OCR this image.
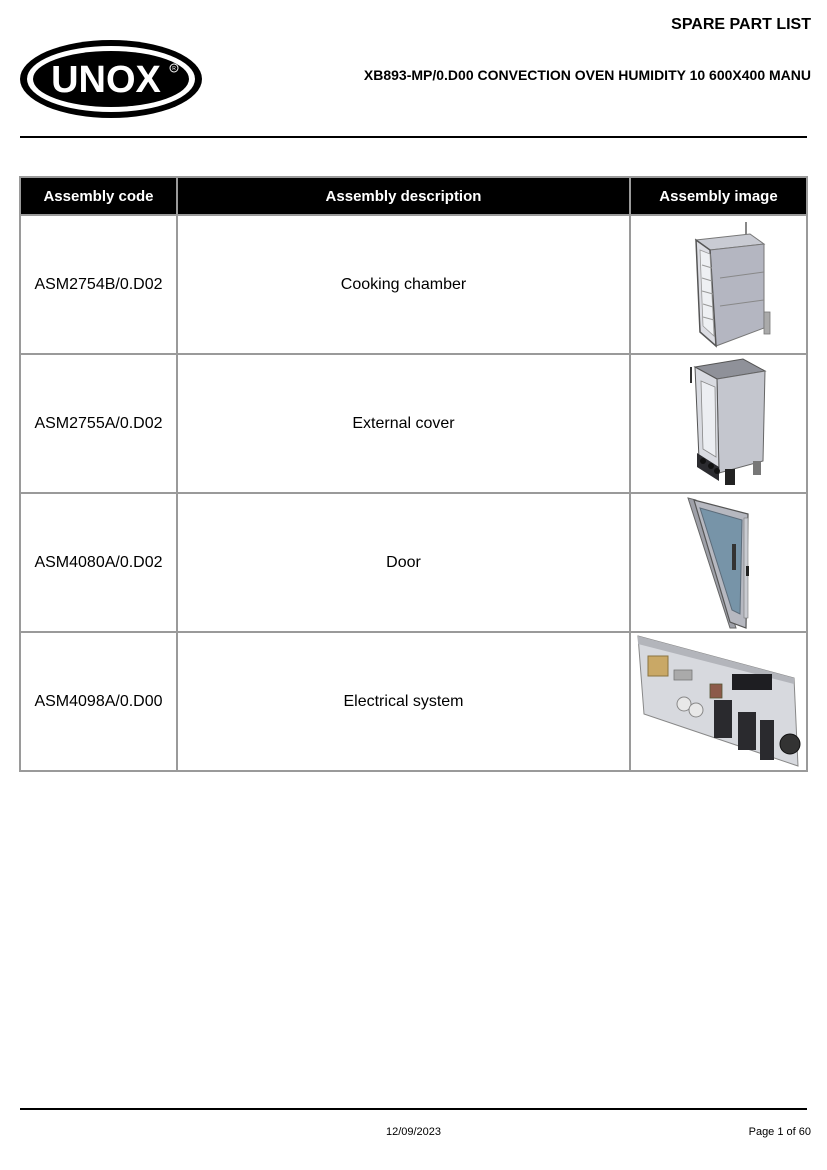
UNOX R
SPARE PART LIST
XB893-MP/0.D00 CONVECTION OVEN HUMIDITY 10 600X400 MANU
Assembly code	Assembly description	Assembly image
ASM2754B/0.D02	Cooking chamber	

ASM2755A/0.D02	External cover	

ASM4080A/0.D02	Door	

ASM4098A/0.D00	Electrical system	
12/09/2023	Page 1 of 60
